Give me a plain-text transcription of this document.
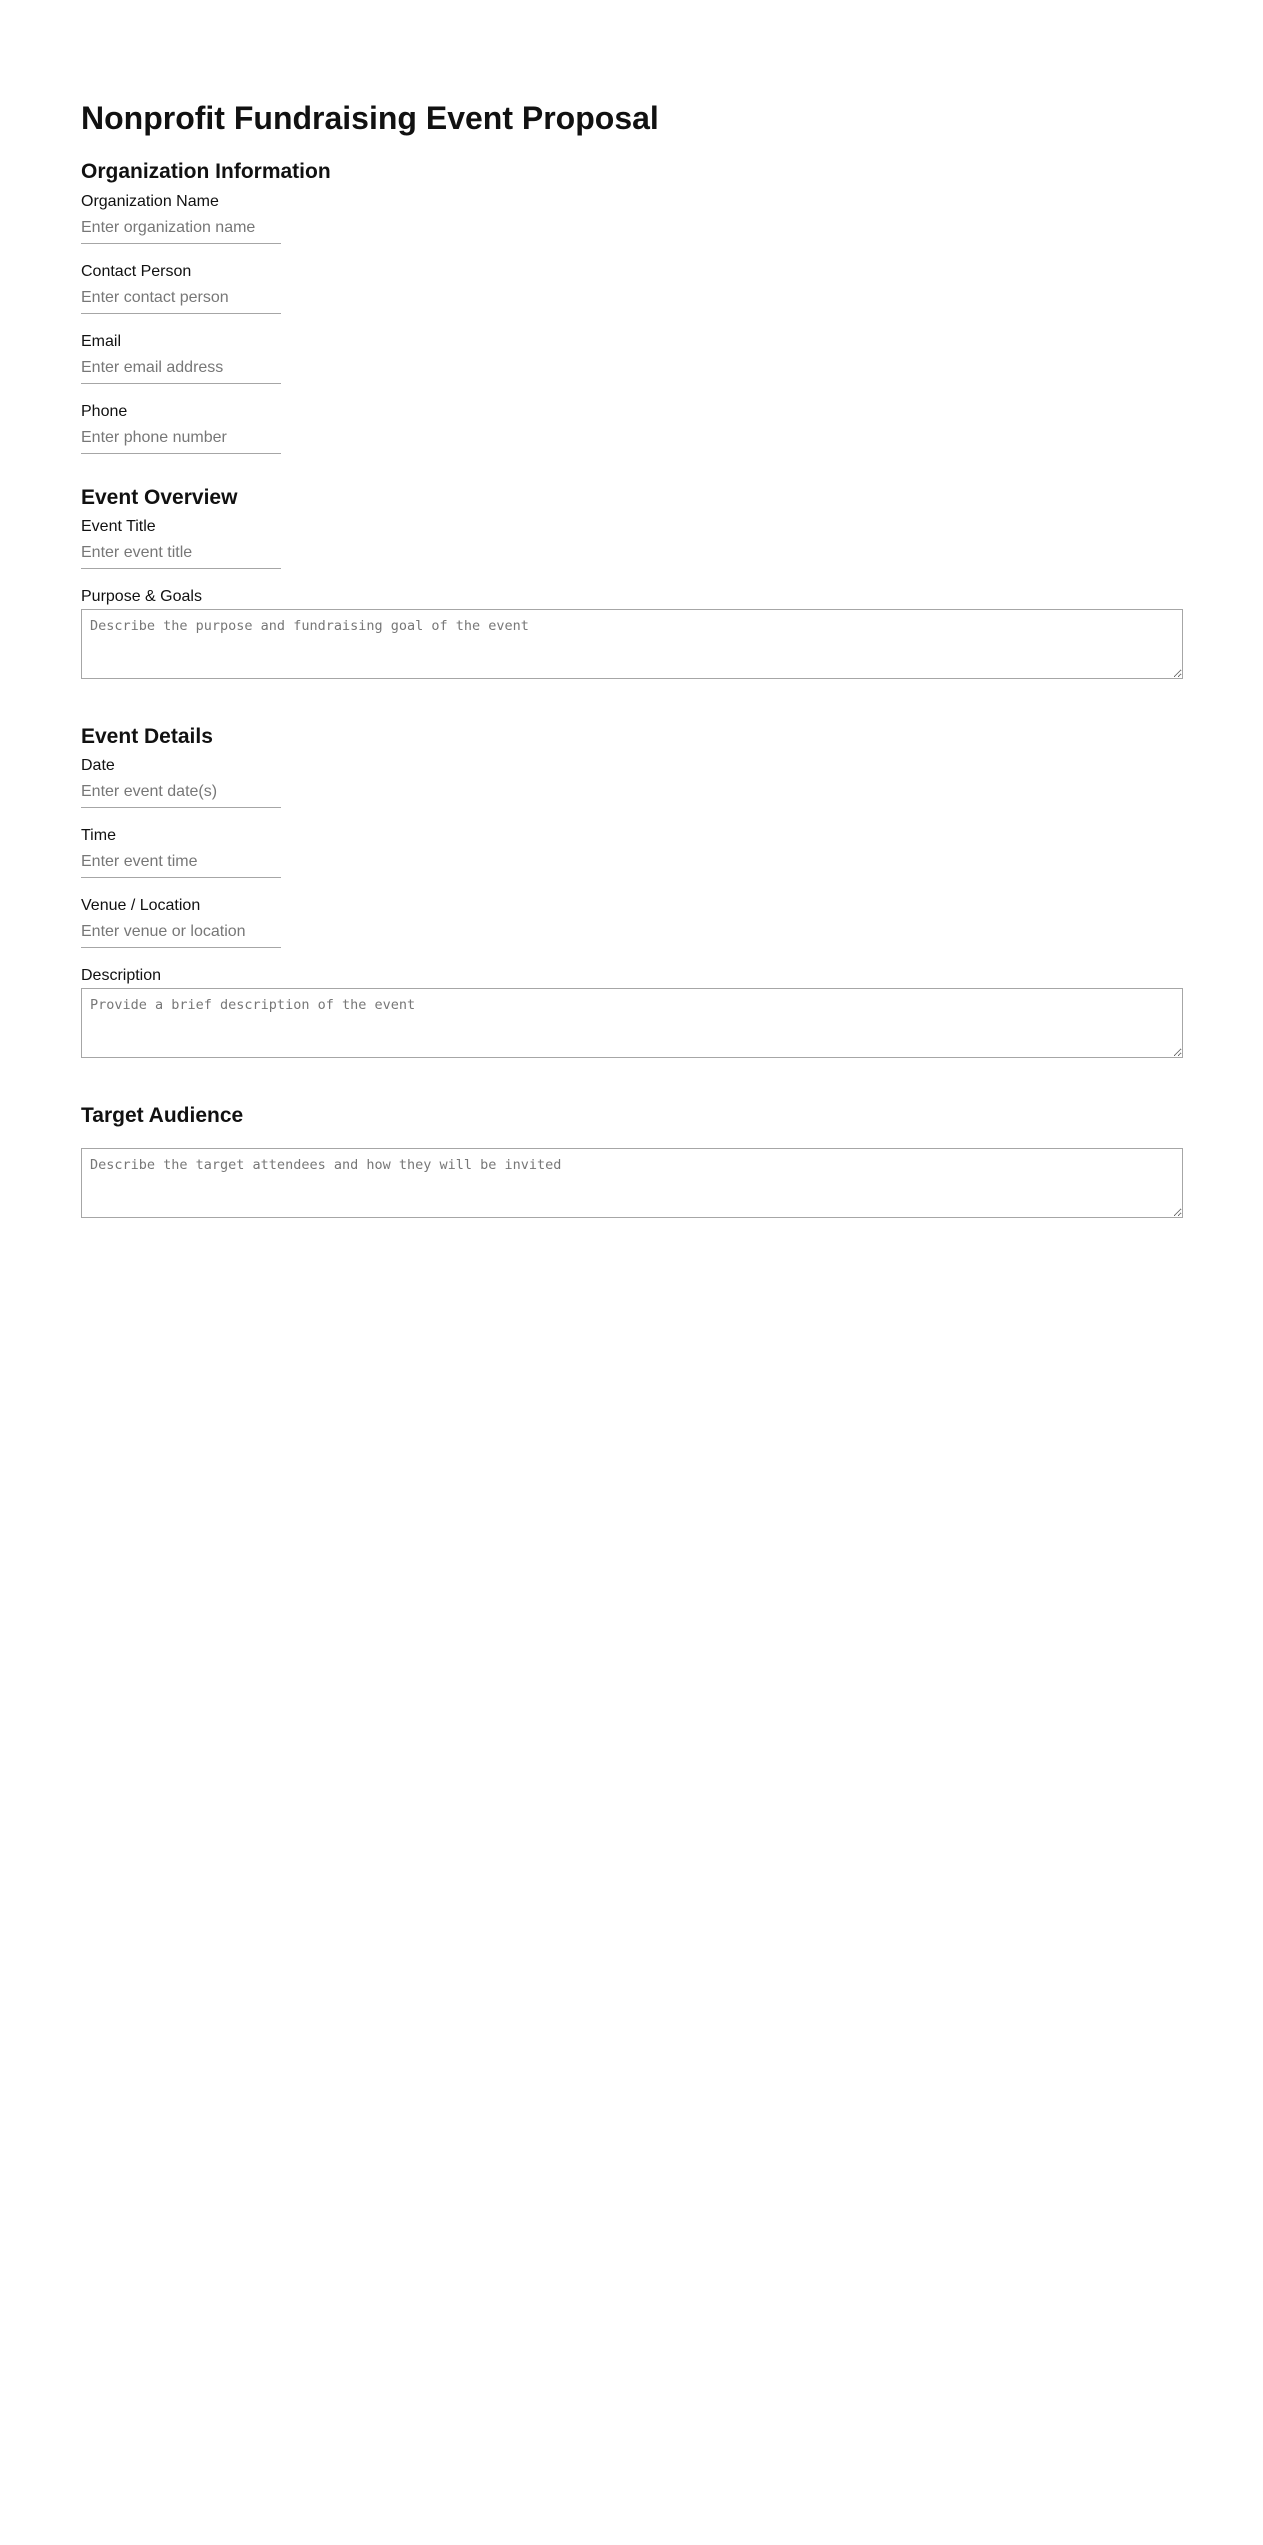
Nonprofit Fundraising Event Proposal
Organization Information
Organization Name
Enter organization name
Contact Person
Enter contact person
Email
Enter email address
Phone
Enter phone number
Event Overview
Event Title
Enter event title
Purpose & Goals
Describe the purpose and fundraising goal of the event
Event Details
Date
Enter event date(s)
Time
Enter event time
Venue / Location
Enter venue or location
Description
Provide a brief description of the event
Target Audience
Describe the target attendees and how they will be invited
